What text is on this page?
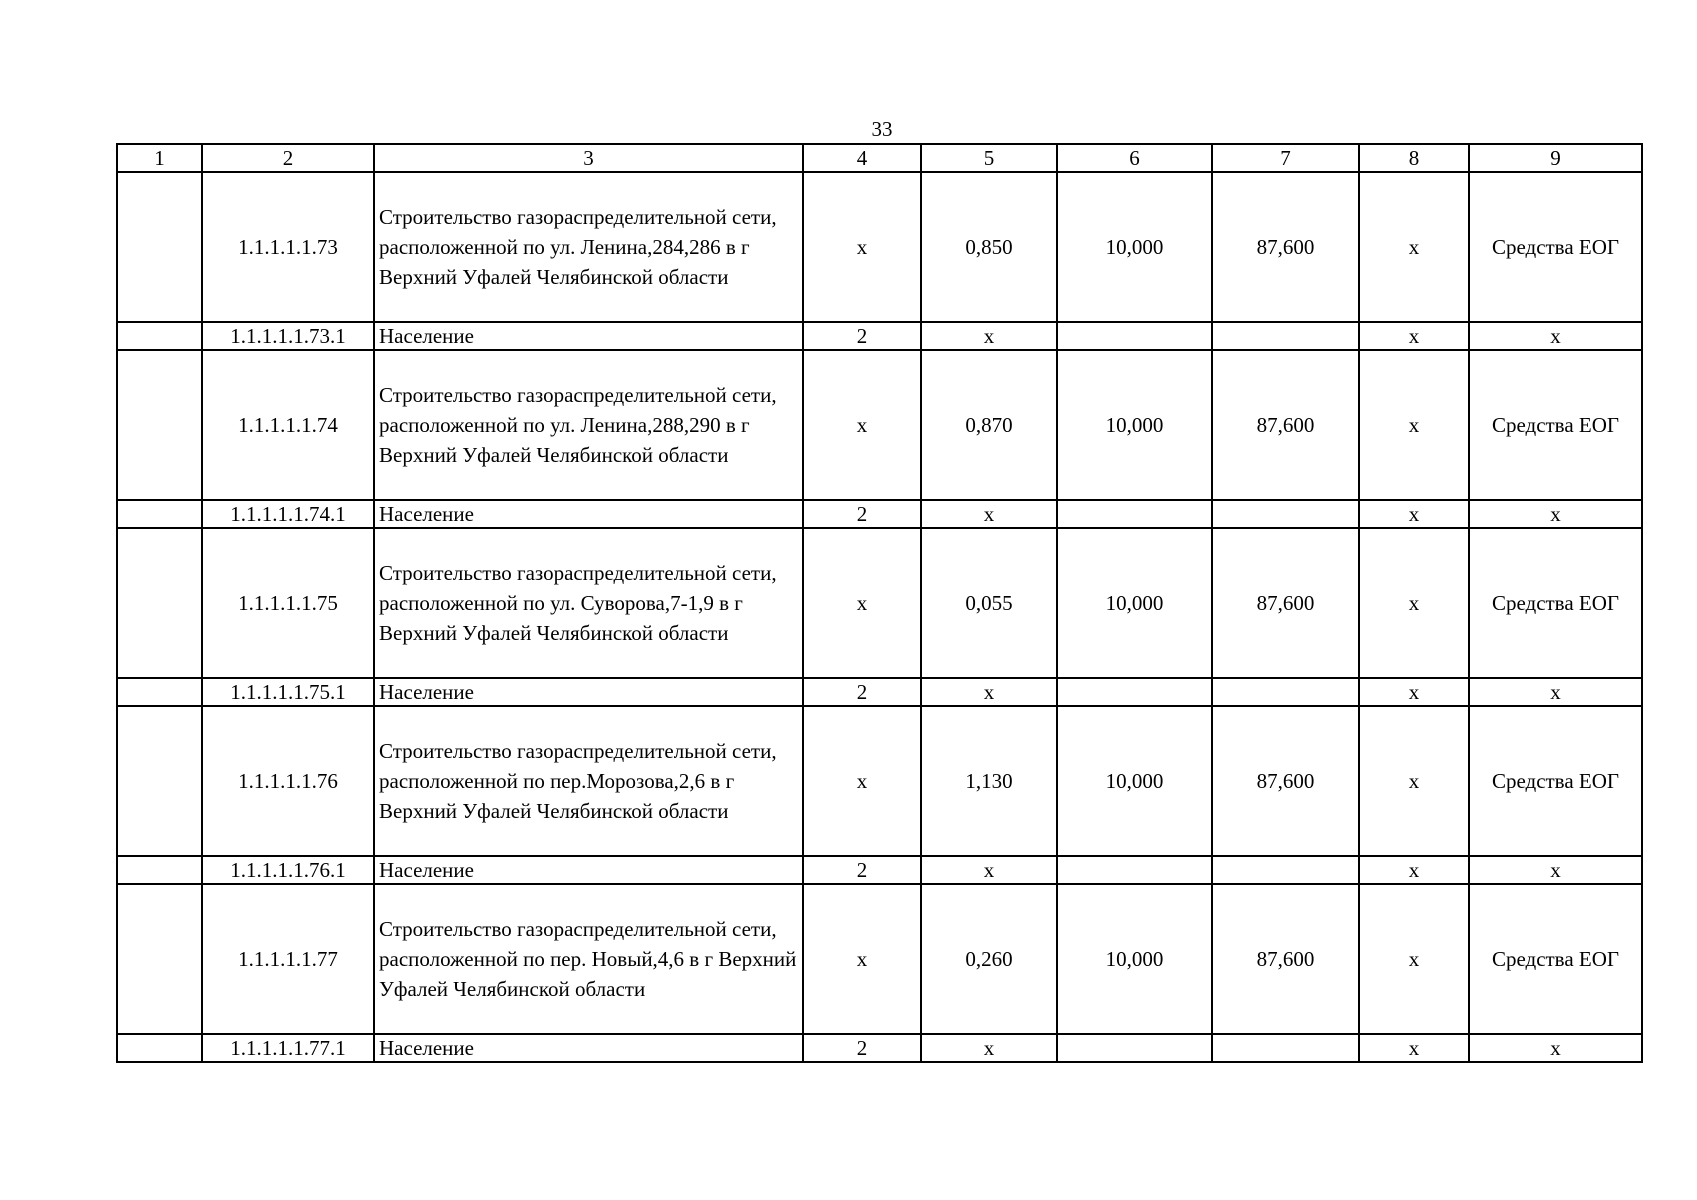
33
1	2	3	4	5	6	7	8	9
	1.1.1.1.1.73	Строительство газораспределительной сети, расположенной по ул. Ленина,284,286 в г Верхний Уфалей Челябинской области	х	0,850	10,000	87,600	х	Средства ЕОГ
	1.1.1.1.1.73.1	Население	2	х			х	х
	1.1.1.1.1.74	Строительство газораспределительной сети, расположенной по ул. Ленина,288,290 в г Верхний Уфалей Челябинской области	х	0,870	10,000	87,600	х	Средства ЕОГ
	1.1.1.1.1.74.1	Население	2	х			х	х
	1.1.1.1.1.75	Строительство газораспределительной сети, расположенной по ул. Суворова,7-1,9 в г Верхний Уфалей Челябинской области	х	0,055	10,000	87,600	х	Средства ЕОГ
	1.1.1.1.1.75.1	Население	2	х			х	х
	1.1.1.1.1.76	Строительство газораспределительной сети, расположенной по пер.Морозова,2,6 в г Верхний Уфалей Челябинской области	х	1,130	10,000	87,600	х	Средства ЕОГ
	1.1.1.1.1.76.1	Население	2	х			х	х
	1.1.1.1.1.77	Строительство газораспределительной сети, расположенной по пер. Новый,4,6 в г Верхний Уфалей Челябинской области	х	0,260	10,000	87,600	х	Средства ЕОГ
	1.1.1.1.1.77.1	Население	2	х			х	х
